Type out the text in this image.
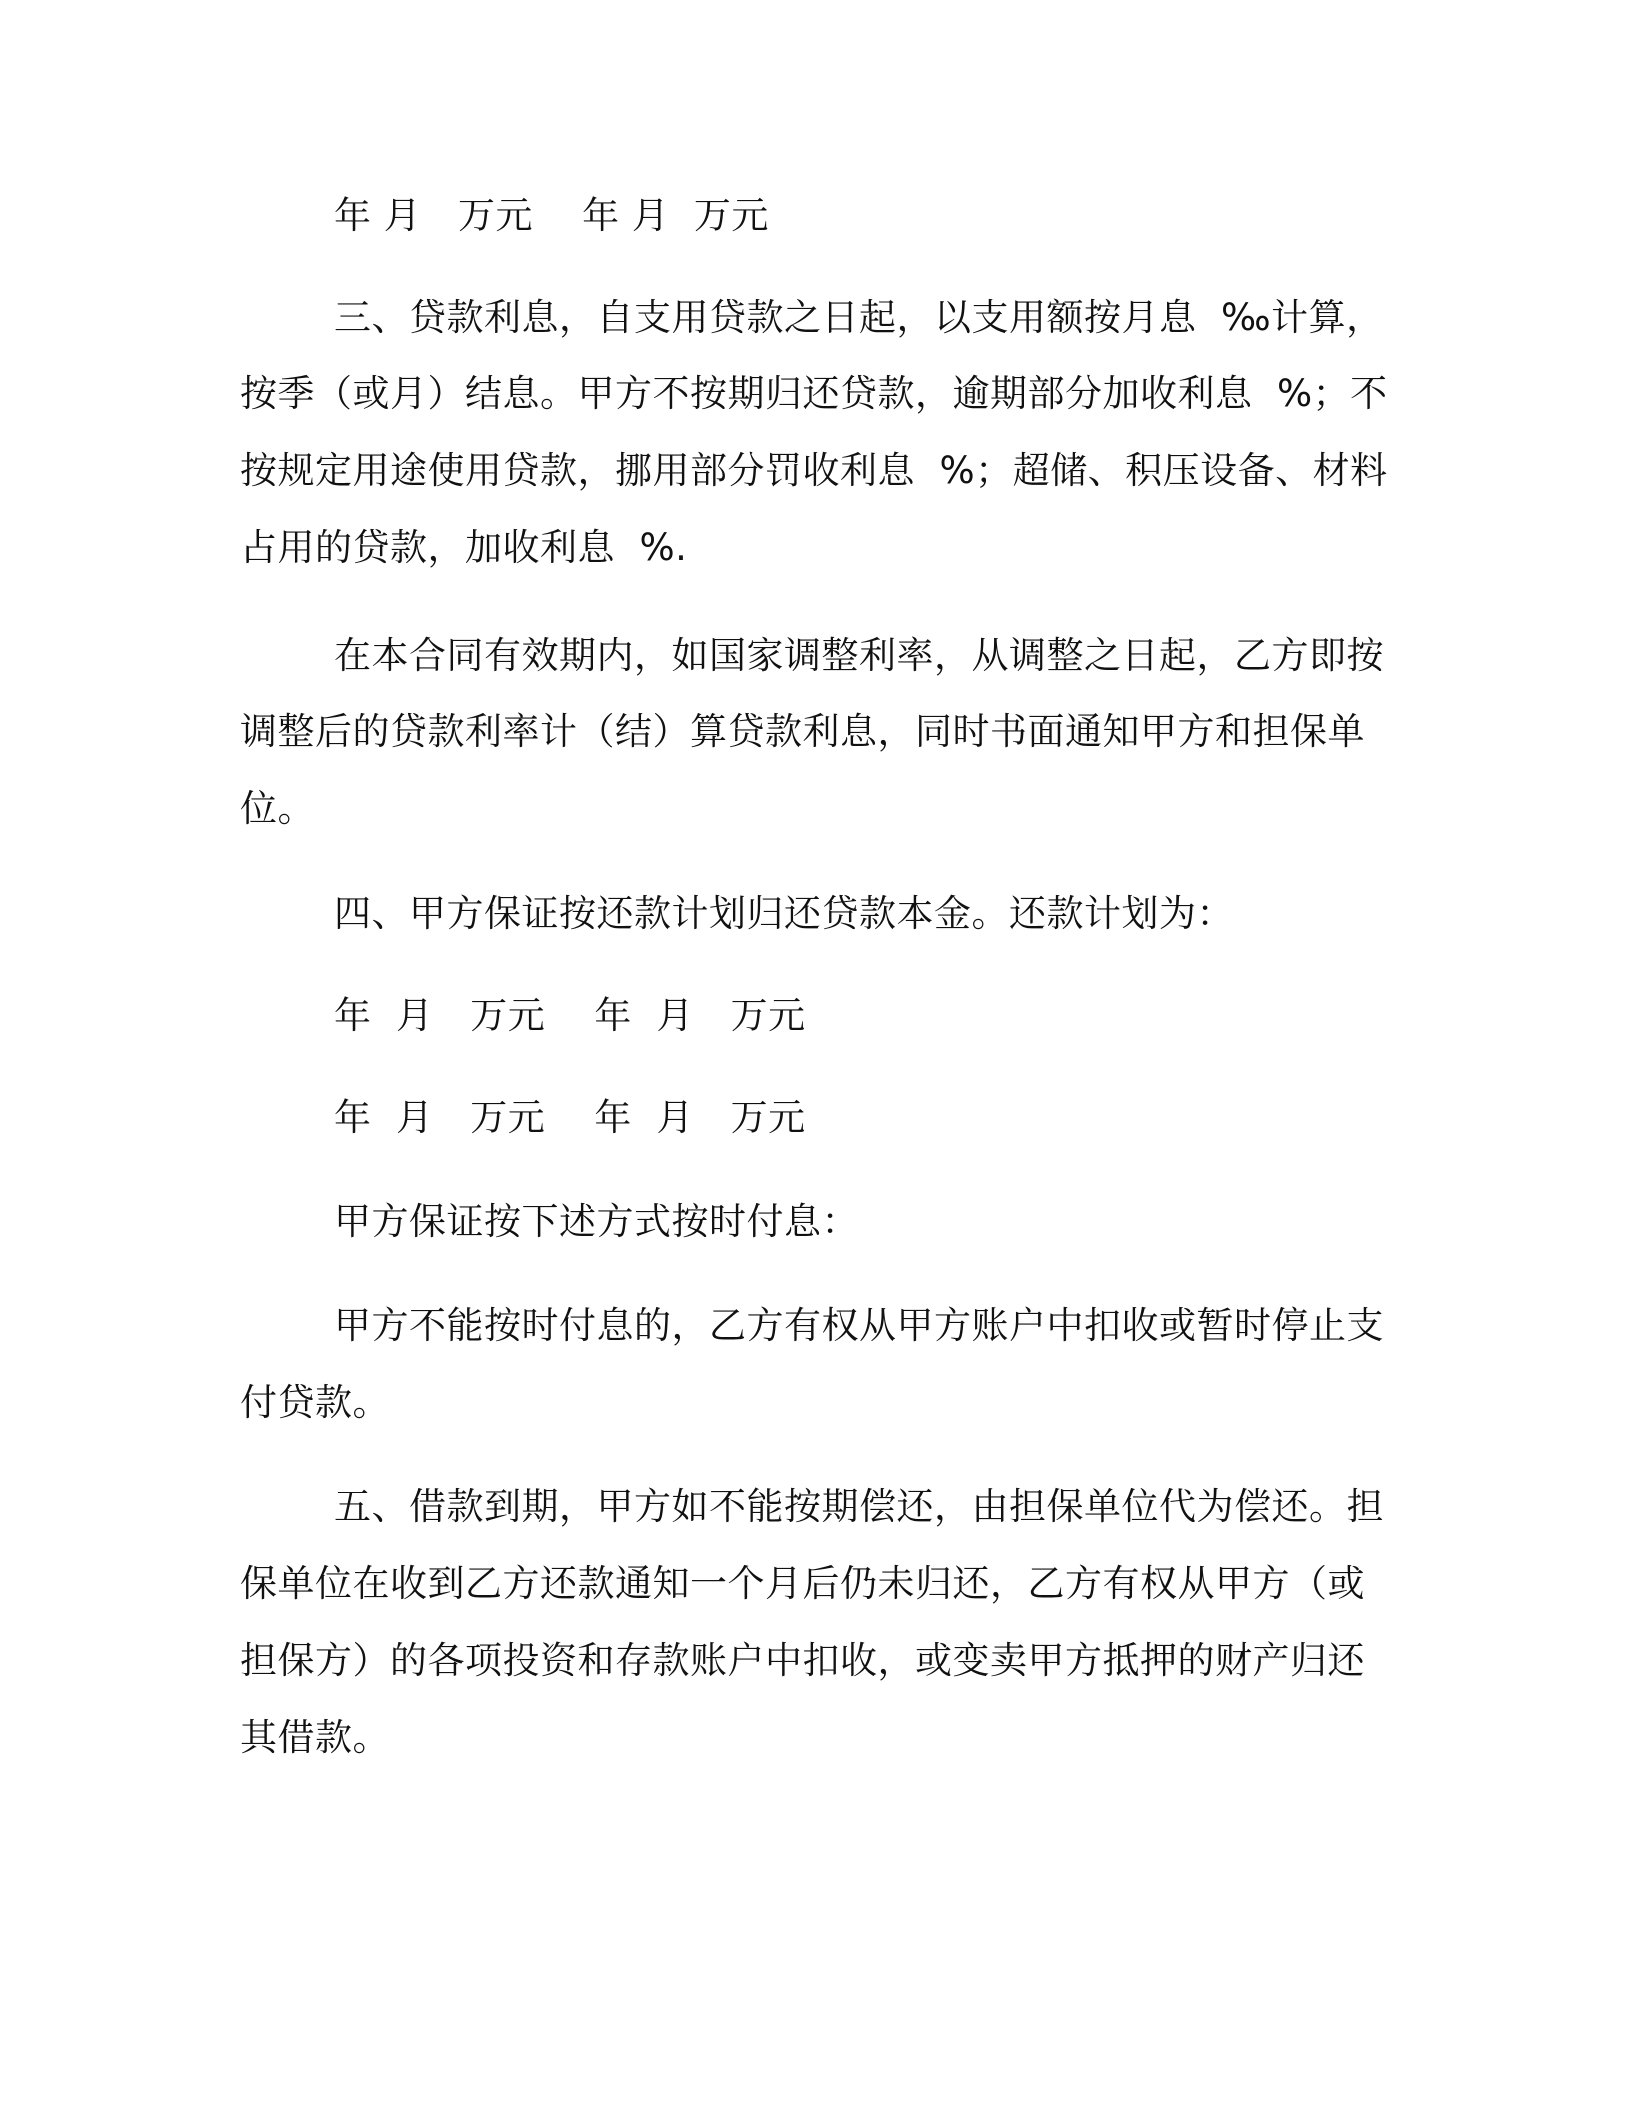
年 月   万元    年 月  万元
三、贷款利息，自支用贷款之日起，以支用额按月息  ‰计算，
按季（或月）结息。甲方不按期归还贷款，逾期部分加收利息  %；不
按规定用途使用贷款，挪用部分罚收利息  %；超储、积压设备、材料
占用的贷款，加收利息  %.
在本合同有效期内，如国家调整利率，从调整之日起，乙方即按
调整后的贷款利率计（结）算贷款利息，同时书面通知甲方和担保单
位。
四、甲方保证按还款计划归还贷款本金。还款计划为：
年  月   万元    年  月   万元
年  月   万元    年  月   万元
甲方保证按下述方式按时付息：
甲方不能按时付息的，乙方有权从甲方账户中扣收或暂时停止支
付贷款。
五、借款到期，甲方如不能按期偿还，由担保单位代为偿还。担
保单位在收到乙方还款通知一个月后仍未归还，乙方有权从甲方（或
担保方）的各项投资和存款账户中扣收，或变卖甲方抵押的财产归还
其借款。
